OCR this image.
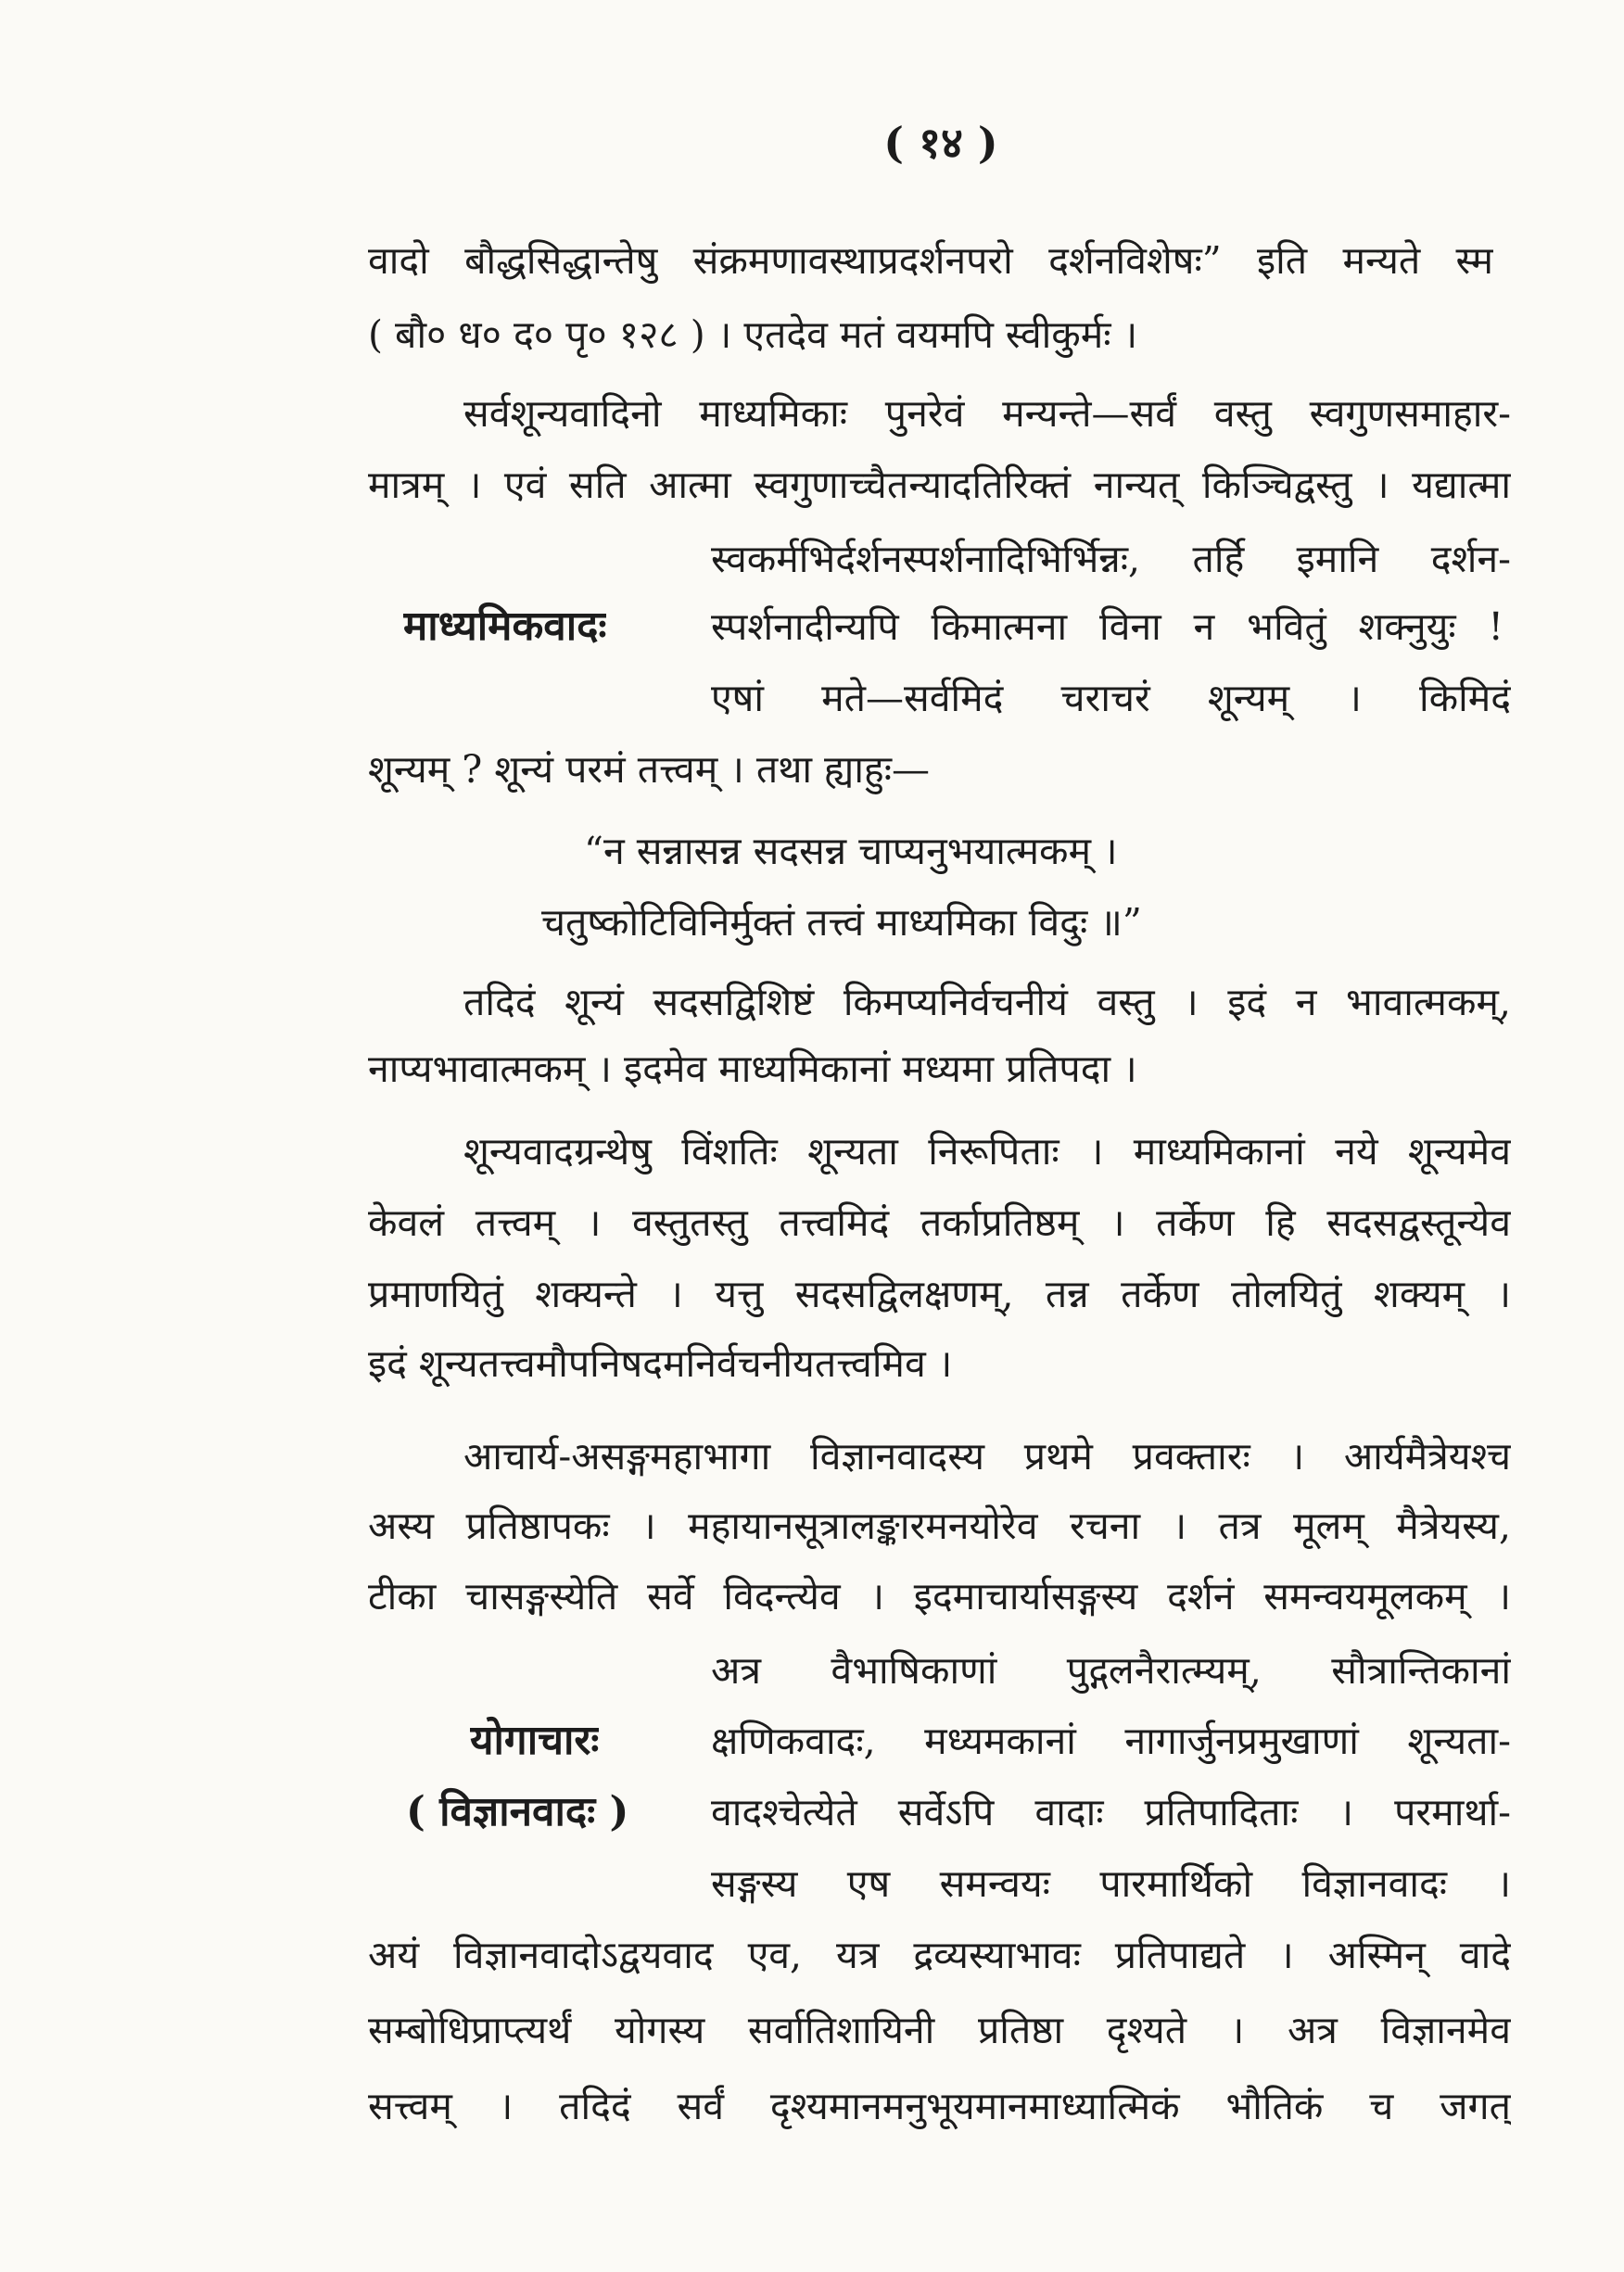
( १४ )
वादो बौद्धसिद्धान्तेषु संक्रमणावस्थाप्रदर्शनपरो दर्शनविशेषः” इति मन्यते स्म
( बौ० ध० द० पृ० १२८ ) । एतदेव मतं वयमपि स्वीकुर्मः ।
सर्वशून्यवादिनो माध्यमिकाः पुनरेवं मन्यन्ते—सर्वं वस्तु स्वगुणसमाहार-
मात्रम् । एवं सति आत्मा स्वगुणाच्चैतन्यादतिरिक्तं नान्यत् किञ्चिद्वस्तु । यद्यात्मा
स्वकर्मभिर्दर्शनस्पर्शनादिभिर्भिन्नः, तर्हि इमानि दर्शन-
स्पर्शनादीन्यपि किमात्मना विना न भवितुं शक्नुयुः !
एषां मते—सर्वमिदं चराचरं शून्यम् । किमिदं
शून्यम् ? शून्यं परमं तत्त्वम् । तथा ह्याहुः—
माध्यमिकवादः
“न सन्नासन्न सदसन्न चाप्यनुभयात्मकम् ।
चतुष्कोटिविनिर्मुक्तं तत्त्वं माध्यमिका विदुः ॥”
तदिदं शून्यं सदसद्विशिष्टं किमप्यनिर्वचनीयं वस्तु । इदं न भावात्मकम्,
नाप्यभावात्मकम् । इदमेव माध्यमिकानां मध्यमा प्रतिपदा ।
शून्यवादग्रन्थेषु विंशतिः शून्यता निरूपिताः । माध्यमिकानां नये शून्यमेव
केवलं तत्त्वम् । वस्तुतस्तु तत्त्वमिदं तर्काप्रतिष्ठम् । तर्केण हि सदसद्वस्तून्येव
प्रमाणयितुं शक्यन्ते । यत्तु सदसद्विलक्षणम्, तन्न तर्केण तोलयितुं शक्यम् ।
इदं शून्यतत्त्वमौपनिषदमनिर्वचनीयतत्त्वमिव ।
आचार्य-असङ्गमहाभागा विज्ञानवादस्य प्रथमे प्रवक्तारः । आर्यमैत्रेयश्च
अस्य प्रतिष्ठापकः । महायानसूत्रालङ्कारमनयोरेव रचना । तत्र मूलम् मैत्रेयस्य,
टीका चासङ्गस्येति सर्वे विदन्त्येव । इदमाचार्यासङ्गस्य दर्शनं समन्वयमूलकम् ।
अत्र वैभाषिकाणां पुद्गलनैरात्म्यम्, सौत्रान्तिकानां
क्षणिकवादः, मध्यमकानां नागार्जुनप्रमुखाणां शून्यता-
वादश्चेत्येते सर्वेऽपि वादाः प्रतिपादिताः । परमार्था-
सङ्गस्य एष समन्वयः पारमार्थिको विज्ञानवादः ।
अयं विज्ञानवादोऽद्वयवाद एव, यत्र द्रव्यस्याभावः प्रतिपाद्यते । अस्मिन् वादे
सम्बोधिप्राप्त्यर्थं योगस्य सर्वातिशायिनी प्रतिष्ठा दृश्यते । अत्र विज्ञानमेव
सत्त्वम् । तदिदं सर्वं दृश्यमानमनुभूयमानमाध्यात्मिकं भौतिकं च जगत्
योगाचारः
( विज्ञानवादः )
